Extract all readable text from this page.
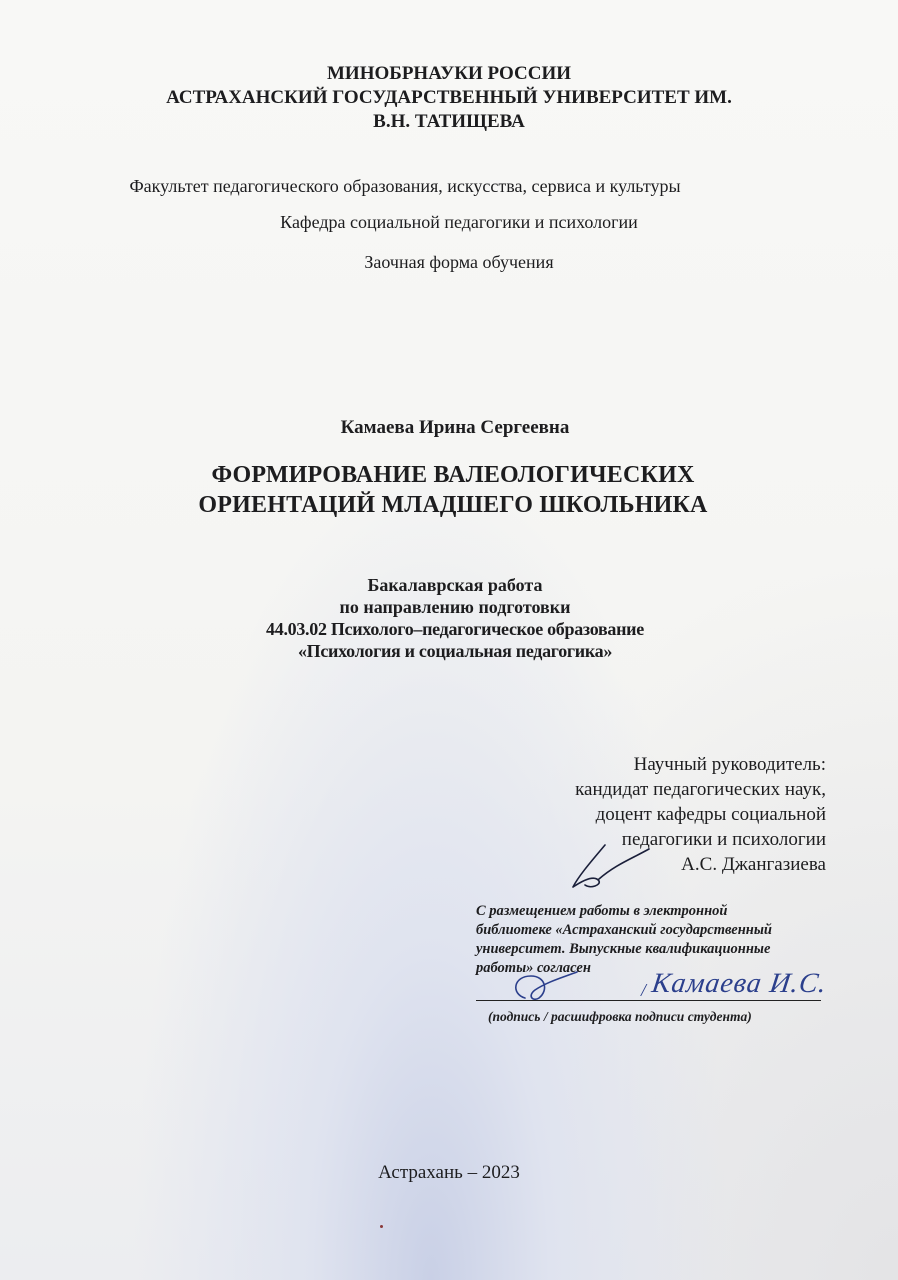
МИНОБРНАУКИ РОССИИ
АСТРАХАНСКИЙ ГОСУДАРСТВЕННЫЙ УНИВЕРСИТЕТ ИМ.
В.Н. ТАТИЩЕВА
Факультет педагогического образования, искусства, сервиса и культуры
Кафедра социальной педагогики и психологии
Заочная форма обучения
Камаева Ирина Сергеевна
ФОРМИРОВАНИЕ ВАЛЕОЛОГИЧЕСКИХ
ОРИЕНТАЦИЙ МЛАДШЕГО ШКОЛЬНИКА
Бакалаврская работа
по направлению подготовки
44.03.02 Психолого–педагогическое образование
«Психология и социальная педагогика»
Научный руководитель:
кандидат педагогических наук,
доцент кафедры социальной
педагогики и психологии
А.С. Джангазиева
С размещением работы в электронной
библиотеке «Астраханский государственный
университет. Выпускные квалификационные
работы» согласен
/ Камаева И.С.
(подпись / расшифровка подписи студента)
Астрахань – 2023
